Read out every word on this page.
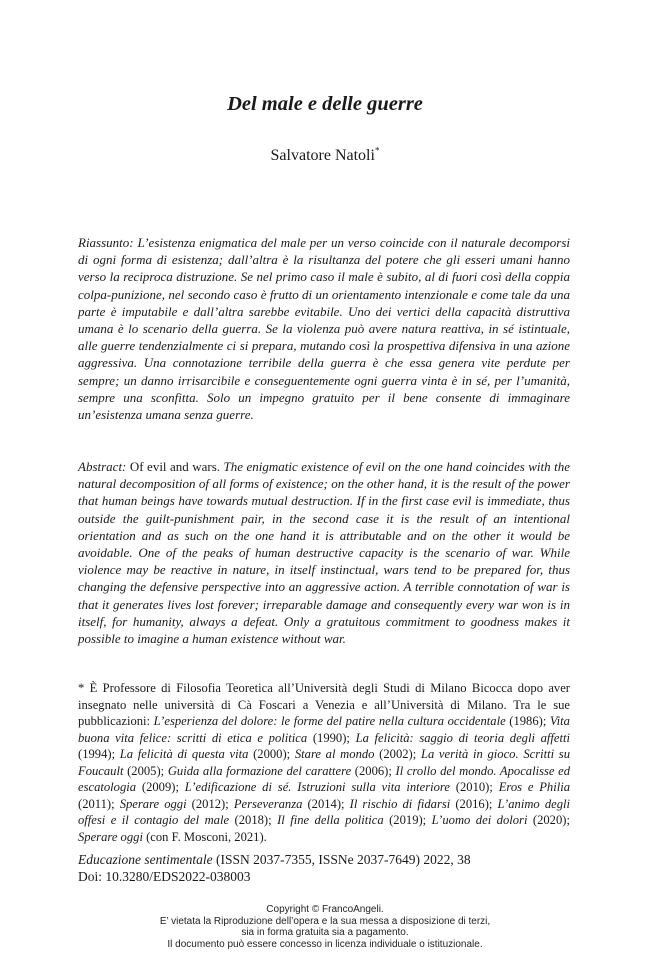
Del male e delle guerre
Salvatore Natoli*

Riassunto: L’esistenza enigmatica del male per un verso coincide con il naturale decomporsi di ogni forma di esistenza; dall’altra è la risultanza del potere che gli esseri umani hanno verso la reciproca distruzione. Se nel primo caso il male è subito, al di fuori così della coppia colpa-punizione, nel secondo caso è frutto di un orientamento intenzionale e come tale da una parte è imputabile e dall’altra sarebbe evitabile. Uno dei vertici della capacità distruttiva umana è lo scenario della guerra. Se la violenza può avere natura reattiva, in sé istintuale, alle guerre tendenzialmente ci si prepara, mutando così la prospettiva difensiva in una azione aggressiva. Una connotazione terribile della guerra è che essa genera vite perdute per sempre; un danno irrisarcibile e conseguentemente ogni guerra vinta è in sé, per l’umanità, sempre una sconfitta. Solo un impegno gratuito per il bene consente di immaginare un’esistenza umana senza guerre.

Abstract: Of evil and wars. The enigmatic existence of evil on the one hand coincides with the natural decomposition of all forms of existence; on the other hand, it is the result of the power that human beings have towards mutual destruction. If in the first case evil is immediate, thus outside the guilt-punishment pair, in the second case it is the result of an intentional orientation and as such on the one hand it is attributable and on the other it would be avoidable. One of the peaks of human destructive capacity is the scenario of war. While violence may be reactive in nature, in itself instinctual, wars tend to be prepared for, thus changing the defensive perspective into an aggressive action. A terrible connotation of war is that it generates lives lost forever; irreparable damage and consequently every war won is in itself, for humanity, always a defeat. Only a gratuitous commitment to goodness makes it possible to imagine a human existence without war.

* È Professore di Filosofia Teoretica all’Università degli Studi di Milano Bicocca dopo aver insegnato nelle università di Cà Foscari a Venezia e all’Università di Milano. Tra le sue pubblicazioni: L’esperienza del dolore: le forme del patire nella cultura occidentale (1986); Vita buona vita felice: scritti di etica e politica (1990); La felicità: saggio di teoria degli affetti (1994); La felicità di questa vita (2000); Stare al mondo (2002); La verità in gioco. Scritti su Foucault (2005); Guida alla formazione del carattere (2006); Il crollo del mondo. Apocalisse ed escatologia (2009); L’edificazione di sé. Istruzioni sulla vita interiore (2010); Eros e Philia (2011); Sperare oggi (2012); Perseveranza (2014); Il rischio di fidarsi (2016); L’animo degli offesi e il contagio del male (2018); Il fine della politica (2019); L’uomo dei dolori (2020); Sperare oggi (con F. Mosconi, 2021).

Educazione sentimentale (ISSN 2037-7355, ISSNe 2037-7649) 2022, 38
Doi: 10.3280/EDS2022-038003

Copyright © FrancoAngeli.
E’ vietata la Riproduzione dell’opera e la sua messa a disposizione di terzi,
sia in forma gratuita sia a pagamento.
Il documento può essere concesso in licenza individuale o istituzionale.
